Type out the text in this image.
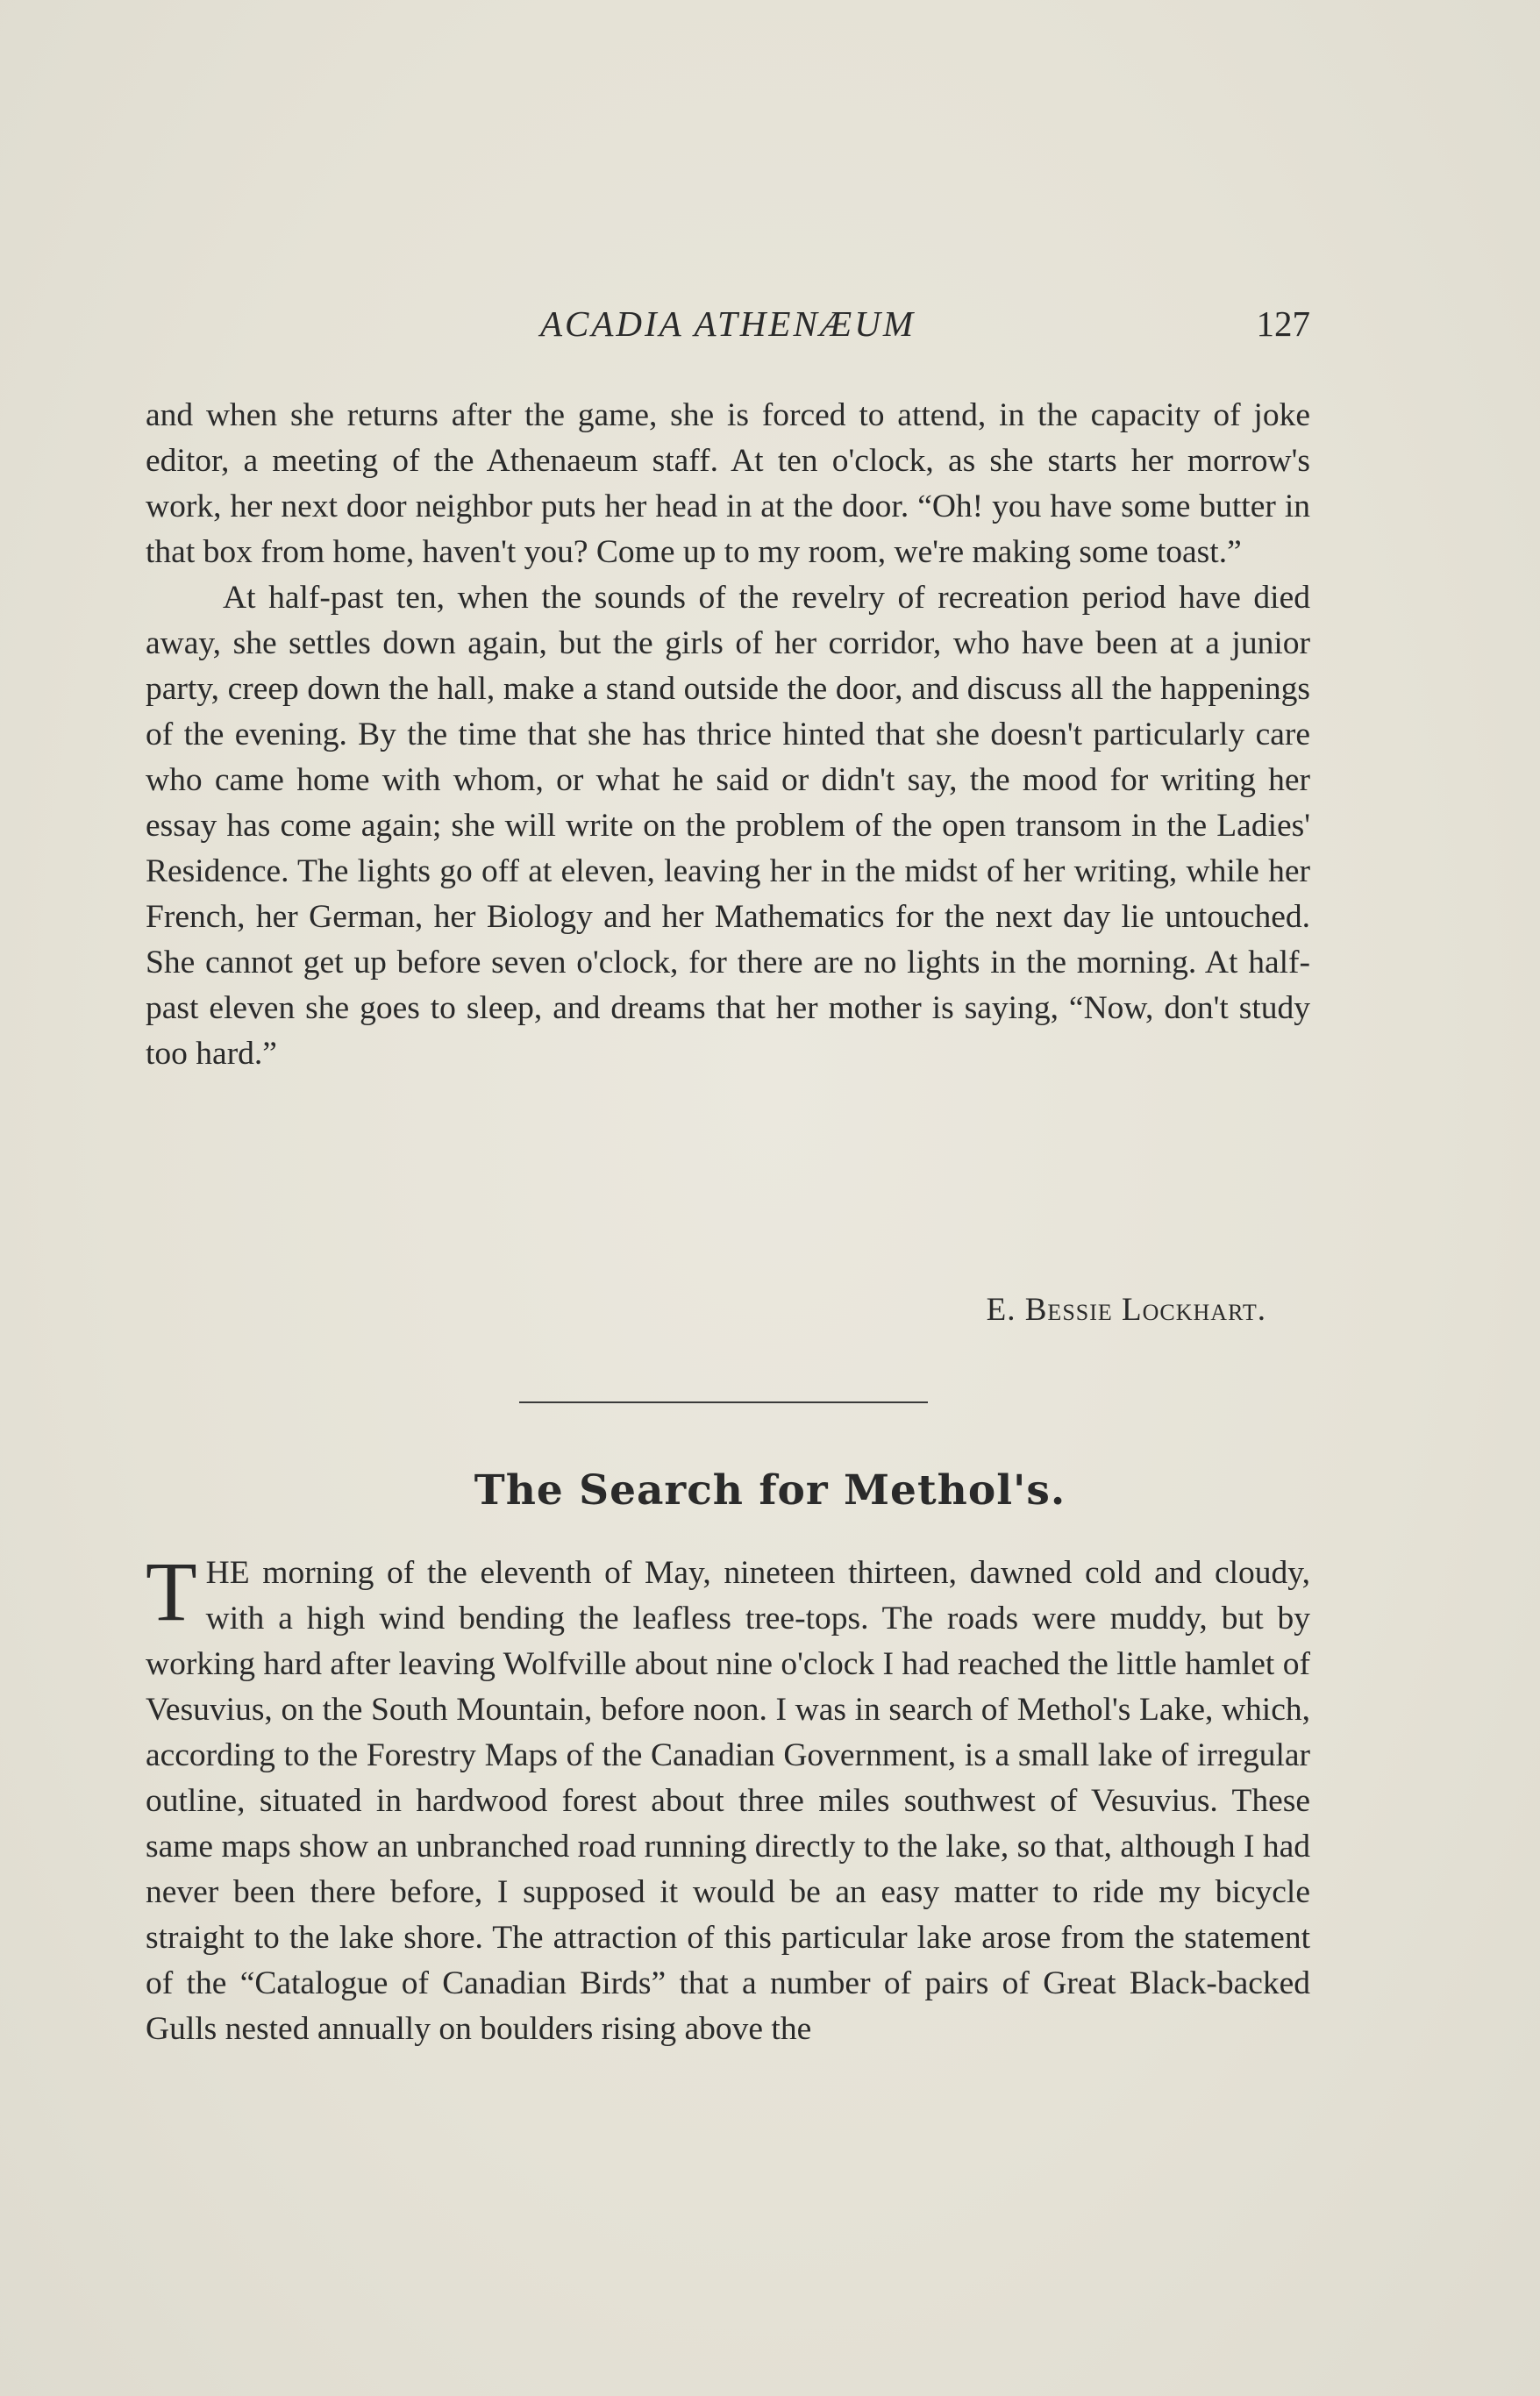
ACADIA ATHENÆUM	127

and when she returns after the game, she is forced to attend, in the capacity of joke editor, a meeting of the Athenaeum staff. At ten o'clock, as she starts her morrow's work, her next door neighbor puts her head in at the door. “Oh! you have some butter in that box from home, haven't you? Come up to my room, we're making some toast.”

At half-past ten, when the sounds of the revelry of recreation period have died away, she settles down again, but the girls of her corridor, who have been at a junior party, creep down the hall, make a stand outside the door, and discuss all the happenings of the evening. By the time that she has thrice hinted that she doesn't particularly care who came home with whom, or what he said or didn't say, the mood for writing her essay has come again; she will write on the problem of the open transom in the Ladies' Residence. The lights go off at eleven, leaving her in the midst of her writing, while her French, her German, her Biology and her Mathematics for the next day lie untouched. She cannot get up before seven o'clock, for there are no lights in the morning. At half-past eleven she goes to sleep, and dreams that her mother is saying, “Now, don't study too hard.”

E. Bessie Lockhart.
The Search for Methol's.

THE morning of the eleventh of May, nineteen thirteen, dawned cold and cloudy, with a high wind bending the leafless tree-tops. The roads were muddy, but by working hard after leaving Wolfville about nine o'clock I had reached the little hamlet of Vesuvius, on the South Mountain, before noon. I was in search of Methol's Lake, which, according to the Forestry Maps of the Canadian Government, is a small lake of irregular outline, situated in hardwood forest about three miles southwest of Vesuvius. These same maps show an unbranched road running directly to the lake, so that, although I had never been there before, I supposed it would be an easy matter to ride my bicycle straight to the lake shore. The attraction of this particular lake arose from the statement of the “Catalogue of Canadian Birds” that a number of pairs of Great Black-backed Gulls nested annually on boulders rising above the
